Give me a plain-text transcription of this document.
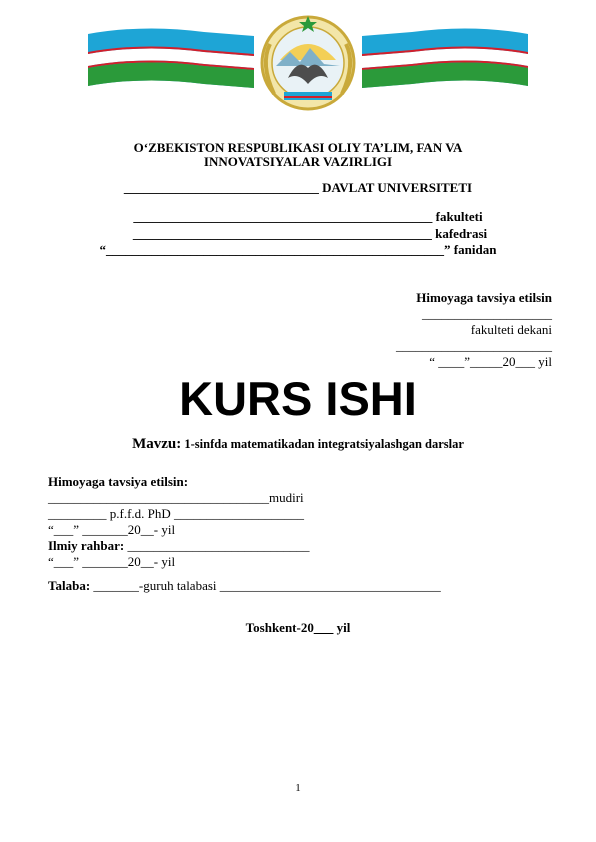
O‘ZBEKISTON RESPUBLIKASI OLIY TA’LIM, FAN VA
INNOVATSIYALAR VAZIRLIGI
______________________________ DAVLAT UNIVERSITETI
______________________________________________ fakulteti
______________________________________________ kafedrasi
“____________________________________________________” fanidan
Himoyaga tavsiya etilsin
____________________
fakulteti dekani
________________________
“ ____”_____20___ yil
KURS ISHI
Mavzu: 1-sinfda matematikadan integratsiyalashgan darslar
Himoyaga tavsiya etilsin:
__________________________________mudiri
_________ p.f.f.d. PhD ____________________
“___” _______20__- yil
Ilmiy rahbar: ____________________________
“___” _______20__- yil
Talaba: _______-guruh talabasi __________________________________
Toshkent-20___ yil
1
